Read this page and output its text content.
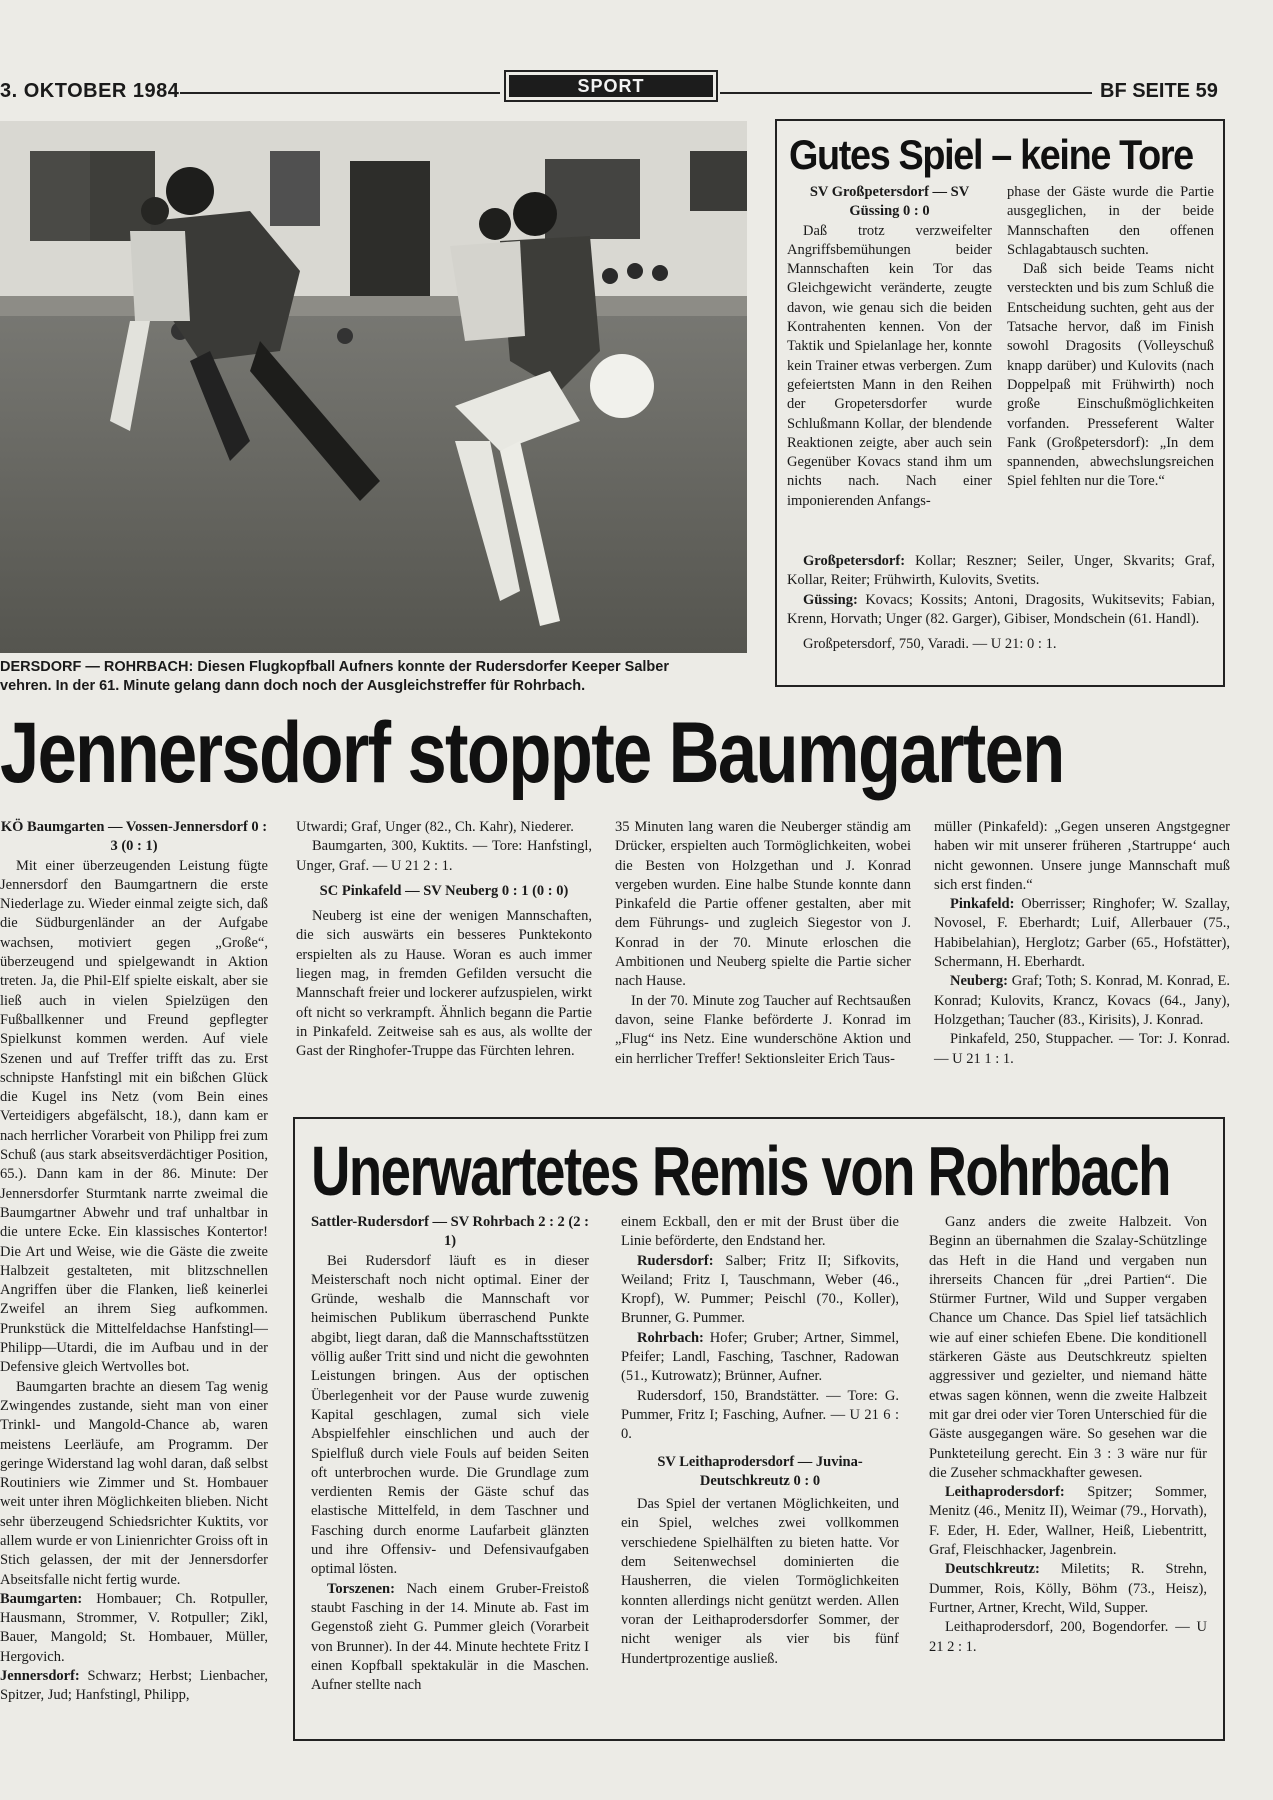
3. OKTOBER 1984	SPORT	BF SEITE 59
DERSDORF — ROHRBACH: Diesen Flugkopfball Aufners konnte der Rudersdorfer Keeper Salber
vehren. In der 61. Minute gelang dann doch noch der Ausgleichstreffer für Rohrbach.
Gutes Spiel – keine Tore

SV Großpetersdorf — SV Güssing 0 : 0

Daß trotz verzweifelter Angriffsbemühungen beider Mannschaften kein Tor das Gleichgewicht veränderte, zeugte davon, wie genau sich die beiden Kontrahenten kennen. Von der Taktik und Spielanlage her, konnte kein Trainer etwas verbergen. Zum gefeiertsten Mann in den Reihen der Gropetersdorfer wurde Schlußmann Kollar, der blendende Reaktionen zeigte, aber auch sein Gegenüber Kovacs stand ihm um nichts nach. Nach einer imponierenden Anfangs-

phase der Gäste wurde die Partie ausgeglichen, in der beide Mannschaften den offenen Schlagabtausch suchten.

Daß sich beide Teams nicht versteckten und bis zum Schluß die Entscheidung suchten, geht aus der Tatsache hervor, daß im Finish sowohl Dragosits (Volleyschuß knapp darüber) und Kulovits (nach Doppelpaß mit Frühwirth) noch große Einschußmöglichkeiten vorfanden. Presseferent Walter Fank (Großpetersdorf): „In dem spannenden, abwechslungsreichen Spiel fehlten nur die Tore.“

Großpetersdorf: Kollar; Reszner; Seiler, Unger, Skvarits; Graf, Kollar, Reiter; Frühwirth, Kulovits, Svetits.

Güssing: Kovacs; Kossits; Antoni, Dragosits, Wukitsevits; Fabian, Krenn, Horvath; Unger (82. Garger), Gibiser, Mondschein (61. Handl).

Großpetersdorf, 750, Varadi. — U 21: 0 : 1.

Jennersdorf stoppte Baumgarten

KÖ Baumgarten — Vossen-Jennersdorf 0 : 3 (0 : 1)

Mit einer überzeugenden Leistung fügte Jennersdorf den Baumgartnern die erste Niederlage zu. Wieder einmal zeigte sich, daß die Südburgenländer an der Aufgabe wachsen, motiviert gegen „Große“, überzeugend und spielgewandt in Aktion treten. Ja, die Phil-Elf spielte eiskalt, aber sie ließ auch in vielen Spielzügen den Fußballkenner und Freund gepflegter Spielkunst kommen werden. Auf viele Szenen und auf Treffer trifft das zu. Erst schnipste Hanfstingl mit ein bißchen Glück die Kugel ins Netz (vom Bein eines Verteidigers abgefälscht, 18.), dann kam er nach herrlicher Vorarbeit von Philipp frei zum Schuß (aus stark abseitsverdächtiger Position, 65.). Dann kam in der 86. Minute: Der Jennersdorfer Sturmtank narrte zweimal die Baumgartner Abwehr und traf unhaltbar in die untere Ecke. Ein klassisches Kontertor! Die Art und Weise, wie die Gäste die zweite Halbzeit gestalteten, mit blitzschnellen Angriffen über die Flanken, ließ keinerlei Zweifel an ihrem Sieg aufkommen. Prunkstück die Mittelfeldachse Hanfstingl—Philipp—Utardi, die im Aufbau und in der Defensive gleich Wertvolles bot.

Baumgarten brachte an diesem Tag wenig Zwingendes zustande, sieht man von einer Trinkl- und Mangold-Chance ab, waren meistens Leerläufe, am Programm. Der geringe Widerstand lag wohl daran, daß selbst Routiniers wie Zimmer und St. Hombauer weit unter ihren Möglichkeiten blieben. Nicht sehr überzeugend Schiedsrichter Kuktits, vor allem wurde er von Linienrichter Groiss oft in Stich gelassen, der mit der Jennersdorfer Abseitsfalle nicht fertig wurde.

Baumgarten: Hombauer; Ch. Rotpuller, Hausmann, Strommer, V. Rotpuller; Zikl, Bauer, Mangold; St. Hombauer, Müller, Hergovich.

Jennersdorf: Schwarz; Herbst; Lienbacher, Spitzer, Jud; Hanfstingl, Philipp,

Utwardi; Graf, Unger (82., Ch. Kahr), Niederer.

Baumgarten, 300, Kuktits. — Tore: Hanfstingl, Unger, Graf. — U 21 2 : 1.

SC Pinkafeld — SV Neuberg 0 : 1 (0 : 0)

Neuberg ist eine der wenigen Mannschaften, die sich auswärts ein besseres Punktekonto erspielten als zu Hause. Woran es auch immer liegen mag, in fremden Gefilden versucht die Mannschaft freier und lockerer aufzuspielen, wirkt oft nicht so verkrampft. Ähnlich begann die Partie in Pinkafeld. Zeitweise sah es aus, als wollte der Gast der Ringhofer-Truppe das Fürchten lehren.

35 Minuten lang waren die Neuberger ständig am Drücker, erspielten auch Tormöglichkeiten, wobei die Besten von Holzgethan und J. Konrad vergeben wurden. Eine halbe Stunde konnte dann Pinkafeld die Partie offener gestalten, aber mit dem Führungs- und zugleich Siegestor von J. Konrad in der 70. Minute erloschen die Ambitionen und Neuberg spielte die Partie sicher nach Hause.

In der 70. Minute zog Taucher auf Rechtsaußen davon, seine Flanke beförderte J. Konrad im „Flug“ ins Netz. Eine wunderschöne Aktion und ein herrlicher Treffer! Sektionsleiter Erich Taus-

müller (Pinkafeld): „Gegen unseren Angstgegner haben wir mit unserer früheren ‚Startruppe‘ auch nicht gewonnen. Unsere junge Mannschaft muß sich erst finden.“

Pinkafeld: Oberrisser; Ringhofer; W. Szallay, Novosel, F. Eberhardt; Luif, Allerbauer (75., Habibelahian), Herglotz; Garber (65., Hofstätter), Schermann, H. Eberhardt.

Neuberg: Graf; Toth; S. Konrad, M. Konrad, E. Konrad; Kulovits, Krancz, Kovacs (64., Jany), Holzgethan; Taucher (83., Kirisits), J. Konrad.

Pinkafeld, 250, Stuppacher. — Tor: J. Konrad. — U 21 1 : 1.

Unerwartetes Remis von Rohrbach

Sattler-Rudersdorf — SV Rohrbach 2 : 2 (2 : 1)

Bei Rudersdorf läuft es in dieser Meisterschaft noch nicht optimal. Einer der Gründe, weshalb die Mannschaft vor heimischen Publikum überraschend Punkte abgibt, liegt daran, daß die Mannschaftsstützen völlig außer Tritt sind und nicht die gewohnten Leistungen bringen. Aus der optischen Überlegenheit vor der Pause wurde zuwenig Kapital geschlagen, zumal sich viele Abspielfehler einschlichen und auch der Spielfluß durch viele Fouls auf beiden Seiten oft unterbrochen wurde. Die Grundlage zum verdienten Remis der Gäste schuf das elastische Mittelfeld, in dem Taschner und Fasching durch enorme Laufarbeit glänzten und ihre Offensiv- und Defensivaufgaben optimal lösten.

Torszenen: Nach einem Gruber-Freistoß staubt Fasching in der 14. Minute ab. Fast im Gegenstoß zieht G. Pummer gleich (Vorarbeit von Brunner). In der 44. Minute hechtete Fritz I einen Kopfball spektakulär in die Maschen. Aufner stellte nach

einem Eckball, den er mit der Brust über die Linie beförderte, den Endstand her.

Rudersdorf: Salber; Fritz II; Sifkovits, Weiland; Fritz I, Tauschmann, Weber (46., Kropf), W. Pummer; Peischl (70., Koller), Brunner, G. Pummer.

Rohrbach: Hofer; Gruber; Artner, Simmel, Pfeifer; Landl, Fasching, Taschner, Radowan (51., Kutrowatz); Brünner, Aufner.

Rudersdorf, 150, Brandstätter. — Tore: G. Pummer, Fritz I; Fasching, Aufner. — U 21 6 : 0.

SV Leithaprodersdorf — Juvina-Deutschkreutz 0 : 0

Das Spiel der vertanen Möglichkeiten, und ein Spiel, welches zwei vollkommen verschiedene Spielhälften zu bieten hatte. Vor dem Seitenwechsel dominierten die Hausherren, die vielen Tormöglichkeiten konnten allerdings nicht genützt werden. Allen voran der Leithaprodersdorfer Sommer, der nicht weniger als vier bis fünf Hundertprozentige ausließ.

Ganz anders die zweite Halbzeit. Von Beginn an übernahmen die Szalay-Schützlinge das Heft in die Hand und vergaben nun ihrerseits Chancen für „drei Partien“. Die Stürmer Furtner, Wild und Supper vergaben Chance um Chance. Das Spiel lief tatsächlich wie auf einer schiefen Ebene. Die konditionell stärkeren Gäste aus Deutschkreutz spielten aggressiver und gezielter, und niemand hätte etwas sagen können, wenn die zweite Halbzeit mit gar drei oder vier Toren Unterschied für die Gäste ausgegangen wäre. So gesehen war die Punkteteilung gerecht. Ein 3 : 3 wäre nur für die Zuseher schmackhafter gewesen.

Leithaprodersdorf: Spitzer; Sommer, Menitz (46., Menitz II), Weimar (79., Horvath), F. Eder, H. Eder, Wallner, Heiß, Liebentritt, Graf, Fleischhacker, Jagenbrein.

Deutschkreutz: Miletits; R. Strehn, Dummer, Rois, Kölly, Böhm (73., Heisz), Furtner, Artner, Krecht, Wild, Supper.

Leithaprodersdorf, 200, Bogendorfer. — U 21 2 : 1.
